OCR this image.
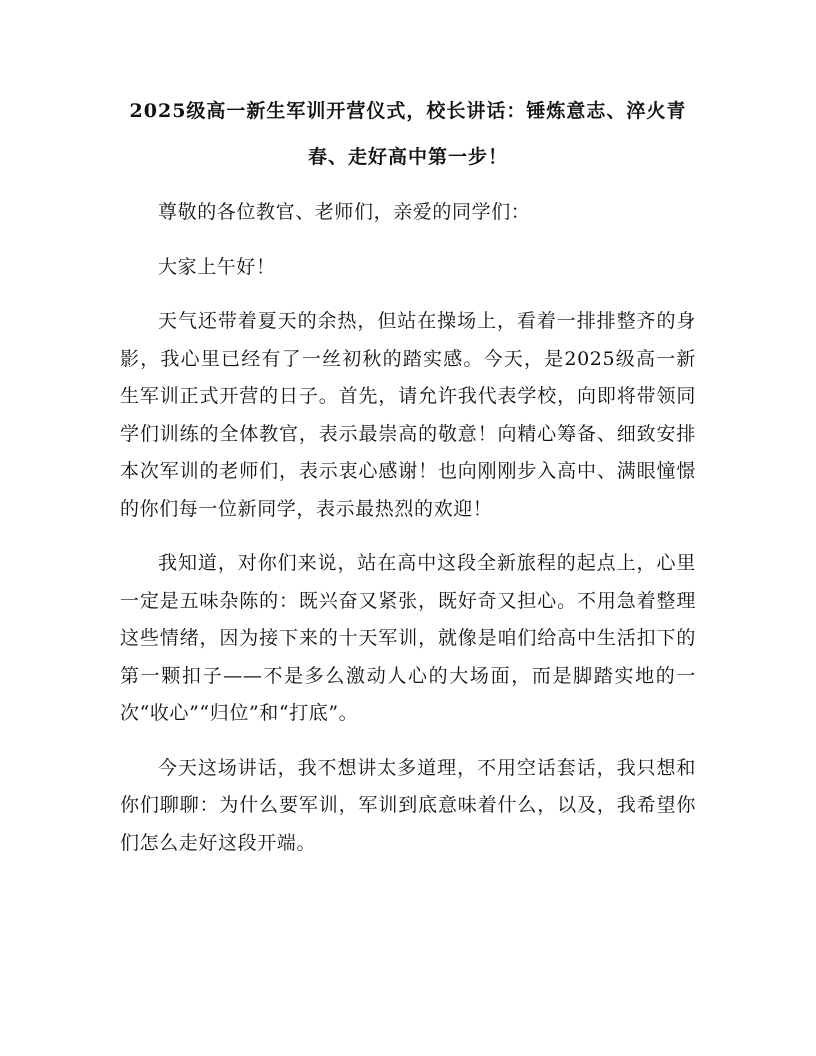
2025级高一新生军训开营仪式，校长讲话：锤炼意志、淬火青春、走好高中第一步！

尊敬的各位教官、老师们，亲爱的同学们：

大家上午好！

天气还带着夏天的余热，但站在操场上，看着一排排整齐的身影，我心里已经有了一丝初秋的踏实感。今天，是2025级高一新生军训正式开营的日子。首先，请允许我代表学校，向即将带领同学们训练的全体教官，表示最崇高的敬意！向精心筹备、细致安排本次军训的老师们，表示衷心感谢！也向刚刚步入高中、满眼憧憬的你们每一位新同学，表示最热烈的欢迎！

我知道，对你们来说，站在高中这段全新旅程的起点上，心里一定是五味杂陈的：既兴奋又紧张，既好奇又担心。不用急着整理这些情绪，因为接下来的十天军训，就像是咱们给高中生活扣下的第一颗扣子——不是多么激动人心的大场面，而是脚踏实地的一次“收心”“归位”和“打底”。

今天这场讲话，我不想讲太多道理，不用空话套话，我只想和你们聊聊：为什么要军训，军训到底意味着什么，以及，我希望你们怎么走好这段开端。
